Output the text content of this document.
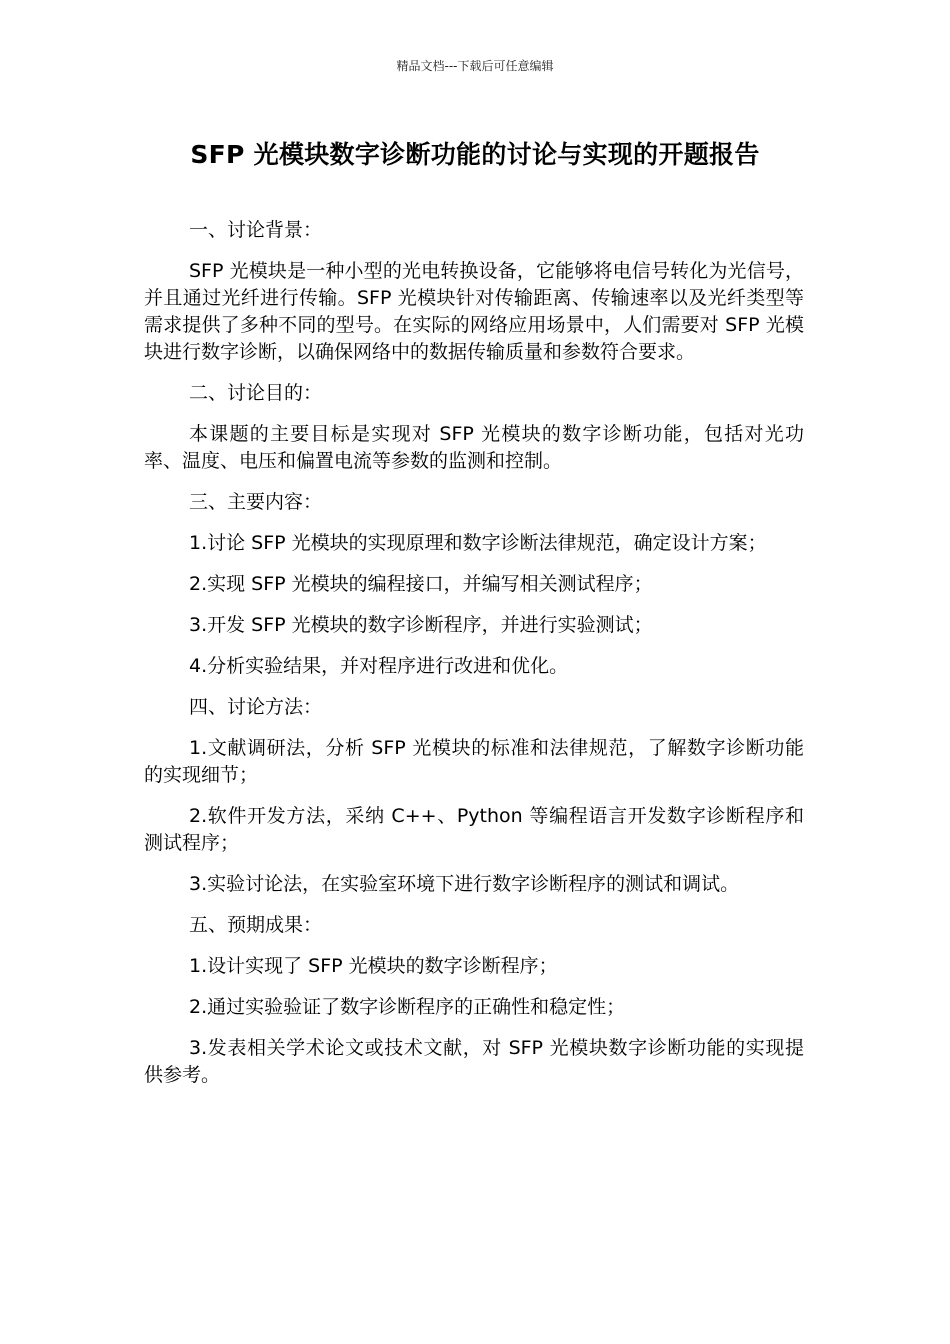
精品文档---下载后可任意编辑
SFP 光模块数字诊断功能的讨论与实现的开题报告

一、讨论背景：

SFP 光模块是一种小型的光电转换设备，它能够将电信号转化为光信号，并且通过光纤进行传输。SFP 光模块针对传输距离、传输速率以及光纤类型等需求提供了多种不同的型号。在实际的网络应用场景中，人们需要对 SFP 光模块进行数字诊断，以确保网络中的数据传输质量和参数符合要求。

二、讨论目的：

本课题的主要目标是实现对 SFP 光模块的数字诊断功能，包括对光功率、温度、电压和偏置电流等参数的监测和控制。

三、主要内容：

1.讨论 SFP 光模块的实现原理和数字诊断法律规范，确定设计方案；

2.实现 SFP 光模块的编程接口，并编写相关测试程序；

3.开发 SFP 光模块的数字诊断程序，并进行实验测试；

4.分析实验结果，并对程序进行改进和优化。

四、讨论方法：

1.文献调研法，分析 SFP 光模块的标准和法律规范，了解数字诊断功能的实现细节；

2.软件开发方法，采纳 C++、Python 等编程语言开发数字诊断程序和测试程序；

3.实验讨论法，在实验室环境下进行数字诊断程序的测试和调试。

五、预期成果：

1.设计实现了 SFP 光模块的数字诊断程序；

2.通过实验验证了数字诊断程序的正确性和稳定性；

3.发表相关学术论文或技术文献，对 SFP 光模块数字诊断功能的实现提供参考。
